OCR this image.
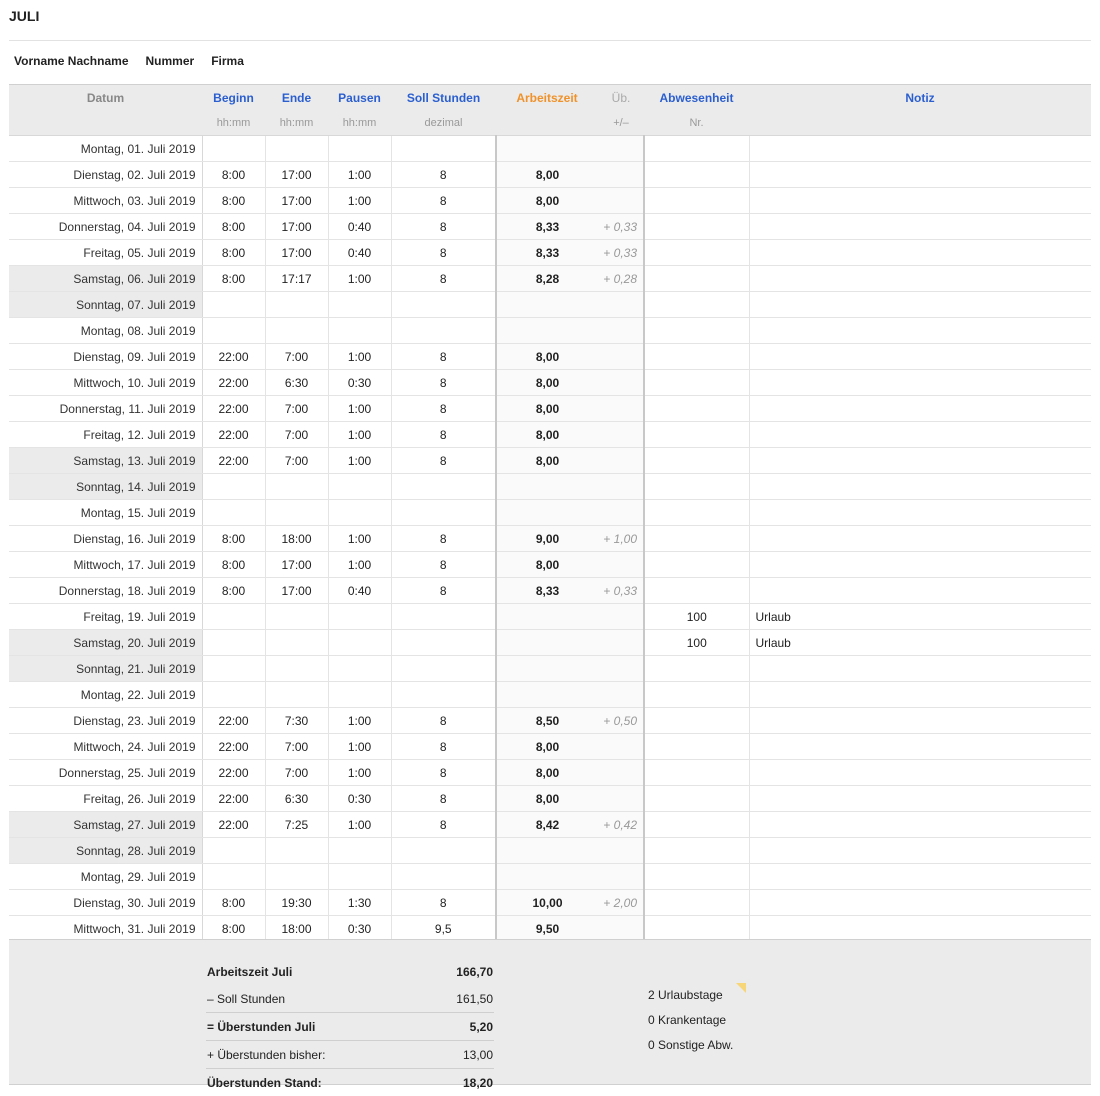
JULI
Vorname Nachname Nummer Firma
Datum	Beginn	Ende	Pausen	Soll Stunden	Arbeitszeit	Üb.	Abwesenheit	Notiz
	hh:mm	hh:mm	hh:mm	dezimal		+/–	Nr.	
Montag, 01. Juli 2019								
Dienstag, 02. Juli 2019	8:00	17:00	1:00	8	8,00			
Mittwoch, 03. Juli 2019	8:00	17:00	1:00	8	8,00			
Donnerstag, 04. Juli 2019	8:00	17:00	0:40	8	8,33	+ 0,33		
Freitag, 05. Juli 2019	8:00	17:00	0:40	8	8,33	+ 0,33		
Samstag, 06. Juli 2019	8:00	17:17	1:00	8	8,28	+ 0,28		
Sonntag, 07. Juli 2019								
Montag, 08. Juli 2019								
Dienstag, 09. Juli 2019	22:00	7:00	1:00	8	8,00			
Mittwoch, 10. Juli 2019	22:00	6:30	0:30	8	8,00			
Donnerstag, 11. Juli 2019	22:00	7:00	1:00	8	8,00			
Freitag, 12. Juli 2019	22:00	7:00	1:00	8	8,00			
Samstag, 13. Juli 2019	22:00	7:00	1:00	8	8,00			
Sonntag, 14. Juli 2019								
Montag, 15. Juli 2019								
Dienstag, 16. Juli 2019	8:00	18:00	1:00	8	9,00	+ 1,00		
Mittwoch, 17. Juli 2019	8:00	17:00	1:00	8	8,00			
Donnerstag, 18. Juli 2019	8:00	17:00	0:40	8	8,33	+ 0,33		
Freitag, 19. Juli 2019							100	Urlaub
Samstag, 20. Juli 2019							100	Urlaub
Sonntag, 21. Juli 2019								
Montag, 22. Juli 2019								
Dienstag, 23. Juli 2019	22:00	7:30	1:00	8	8,50	+ 0,50		
Mittwoch, 24. Juli 2019	22:00	7:00	1:00	8	8,00			
Donnerstag, 25. Juli 2019	22:00	7:00	1:00	8	8,00			
Freitag, 26. Juli 2019	22:00	6:30	0:30	8	8,00			
Samstag, 27. Juli 2019	22:00	7:25	1:00	8	8,42	+ 0,42		
Sonntag, 28. Juli 2019								
Montag, 29. Juli 2019								
Dienstag, 30. Juli 2019	8:00	19:30	1:30	8	10,00	+ 2,00		
Mittwoch, 31. Juli 2019	8:00	18:00	0:30	9,5	9,50			
Arbeitszeit Juli	166,70
– Soll Stunden	161,50
= Überstunden Juli	5,20
+ Überstunden bisher:	13,00
Überstunden Stand:	18,20
2 Urlaubstage
0 Krankentage
0 Sonstige Abw.
